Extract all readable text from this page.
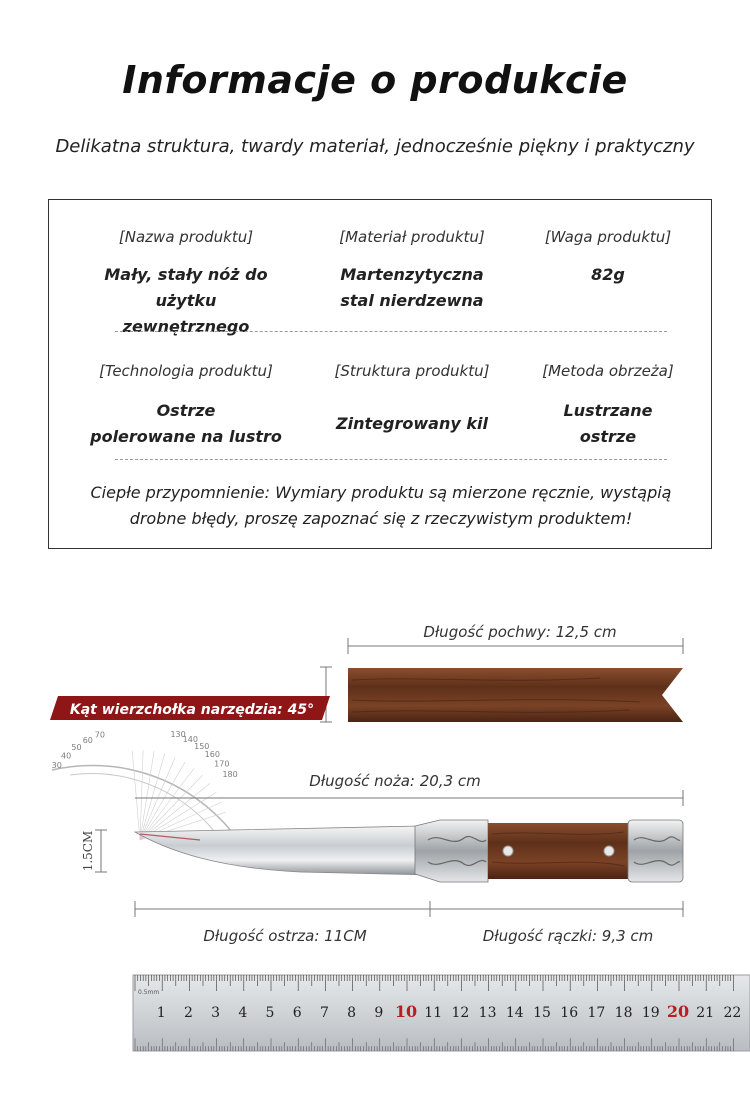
Informacje o produkcie
Delikatna struktura, twardy materiał, jednocześnie piękny i praktyczny
[Nazwa produktu]
Mały, stały nóż do użytku
zewnętrznego
[Materiał produktu]
Martenzytyczna
stal nierdzewna
[Waga produktu]
82g
[Technologia produktu]
Ostrze
polerowane na lustro
[Struktura produktu]
Zintegrowany kil
[Metoda obrzeża]
Lustrzane
ostrze
Ciepłe przypomnienie: Wymiary produktu są mierzone ręcznie, wystąpią
drobne błędy, proszę zapoznać się z rzeczywistym produktem!
Długość pochwy: 12,5 cm
Kąt wierzchołka narzędzia: 45°
30
40
50
60
70	130
140
150
160
170
180	Długość noża: 20,3 cm
1.5CM
Długość ostrza: 11CM	Długość rączki: 9,3 cm
1 2 3 4 5 6 7 8 9 10 11 12 13 14 15 16 17 18 19 20 21 22
0.5mm
